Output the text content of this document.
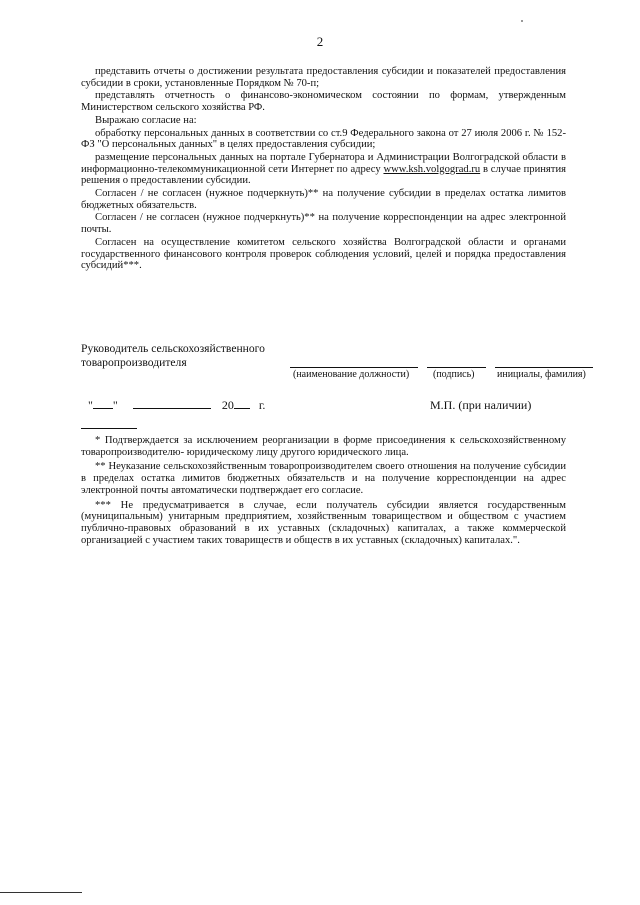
2

представить отчеты о достижении результата предоставления субсидии и показателей предоставления субсидии в сроки, установленные Порядком № 70-п;

представлять отчетность о финансово-экономическом состоянии по формам, утвержденным Министерством сельского хозяйства РФ.

Выражаю согласие на:

обработку персональных данных в соответствии со ст.9 Федерального закона от 27 июля 2006 г. № 152-ФЗ "О персональных данных" в целях предоставления субсидии;

размещение персональных данных на портале Губернатора и Администрации Волгоградской области в информационно-телекоммуникационной сети Интернет по адресу www.ksh.volgograd.ru в случае принятия решения о предоставлении субсидии.

Согласен / не согласен (нужное подчеркнуть)** на получение субсидии в пределах остатка лимитов бюджетных обязательств.

Согласен / не согласен (нужное подчеркнуть)** на получение корреспонденции на адрес электронной почты.

Согласен на осуществление комитетом сельского хозяйства Волгоградской области и органами государственного финансового контроля проверок соблюдения условий, целей и порядка предоставления субсидий***.

Руководитель сельскохозяйственного
товаропроизводителя
(наименование должности) (подпись) инициалы, фамилия)
" "	20 г.	М.П. (при наличии)

* Подтверждается за исключением реорганизации в форме присоединения к сельскохозяйственному товаропроизводителю- юридическому лицу другого юридического лица.

** Неуказание сельскохозяйственным товаропроизводителем своего отношения на получение субсидии в пределах остатка лимитов бюджетных обязательств и на получение корреспонденции на адрес электронной почты автоматически подтверждает его согласие.

*** Не предусматривается в случае, если получатель субсидии является государственным (муниципальным) унитарным предприятием, хозяйственным товариществом и обществом с участием публично-правовых образований в их уставных (складочных) капиталах, а также коммерческой организацией с участием таких товариществ и обществ в их уставных (складочных) капиталах.".
